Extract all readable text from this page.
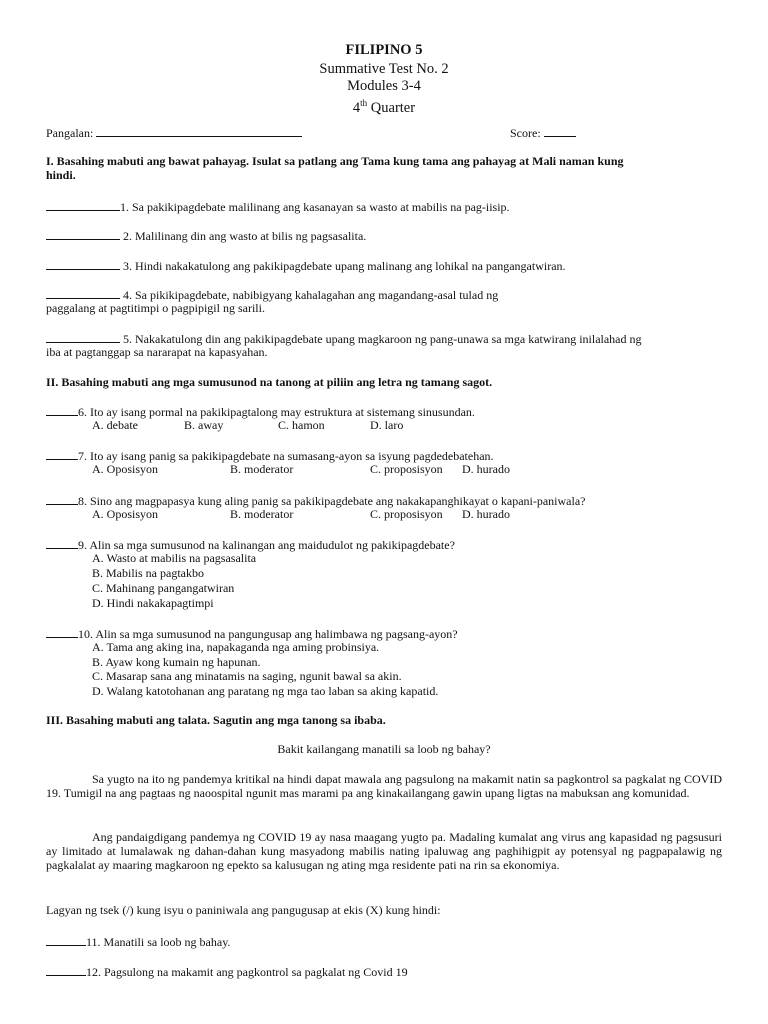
FILIPINO 5
Summative Test No. 2
Modules 3-4
4th Quarter
Pangalan:	Score:
I. Basahing mabuti ang bawat pahayag. Isulat sa patlang ang Tama kung tama ang pahayag at Mali naman kung
hindi.
1. Sa pakikipagdebate malilinang ang kasanayan sa wasto at mabilis na pag-iisip.
2. Malilinang din ang wasto at bilis ng pagsasalita.
3. Hindi nakakatulong ang pakikipagdebate upang malinang ang lohikal na pangangatwiran.
4. Sa pikikipagdebate, nabibigyang kahalagahan ang magandang-asal tulad ng
paggalang at pagtitimpi o pagpipigil ng sarili.
5. Nakakatulong din ang pakikipagdebate upang magkaroon ng pang-unawa sa mga katwirang inilalahad ng
iba at pagtanggap sa nararapat na kapasyahan.
II. Basahing mabuti ang mga sumusunod na tanong at piliin ang letra ng tamang sagot.
6. Ito ay isang pormal na pakikipagtalong may estruktura at sistemang sinusundan.
A. debate	B. away	C. hamon	D. laro
7. Ito ay isang panig sa pakikipagdebate na sumasang-ayon sa isyung pagdedebatehan.
A. Oposisyon	B. moderator	C. proposisyon D. hurado
8. Sino ang magpapasya kung aling panig sa pakikipagdebate ang nakakapanghikayat o kapani-paniwala?
A. Oposisyon	B. moderator	C. proposisyon D. hurado
9. Alin sa mga sumusunod na kalinangan ang maidudulot ng pakikipagdebate?
A. Wasto at mabilis na pagsasalita
B. Mabilis na pagtakbo
C. Mahinang pangangatwiran
D. Hindi nakakapagtimpi
10. Alin sa mga sumusunod na pangungusap ang halimbawa ng pagsang-ayon?
A. Tama ang aking ina, napakaganda nga aming probinsiya.
B. Ayaw kong kumain ng hapunan.
C. Masarap sana ang minatamis na saging, ngunit bawal sa akin.
D. Walang katotohanan ang paratang ng mga tao laban sa aking kapatid.
III. Basahing mabuti ang talata. Sagutin ang mga tanong sa ibaba.
Bakit kailangang manatili sa loob ng bahay?
Sa yugto na ito ng pandemya kritikal na hindi dapat mawala ang pagsulong na makamit natin sa pagkontrol sa pagkalat ng COVID 19. Tumigil na ang pagtaas ng naoospital ngunit mas marami pa ang kinakailangang gawin upang ligtas na mabuksan ang komunidad.
Ang pandaigdigang pandemya ng COVID 19 ay nasa maagang yugto pa. Madaling kumalat ang virus ang kapasidad ng pagsusuri ay limitado at lumalawak ng dahan-dahan kung masyadong mabilis nating ipaluwag ang paghihigpit ay potensyal ng pagpapalawig ng pagkalalat ay maaring magkaroon ng epekto sa kalusugan ng ating mga residente pati na rin sa ekonomiya.
Lagyan ng tsek (/) kung isyu o paniniwala ang pangugusap at ekis (X) kung hindi:
11. Manatili sa loob ng bahay.
12. Pagsulong na makamit ang pagkontrol sa pagkalat ng Covid 19
